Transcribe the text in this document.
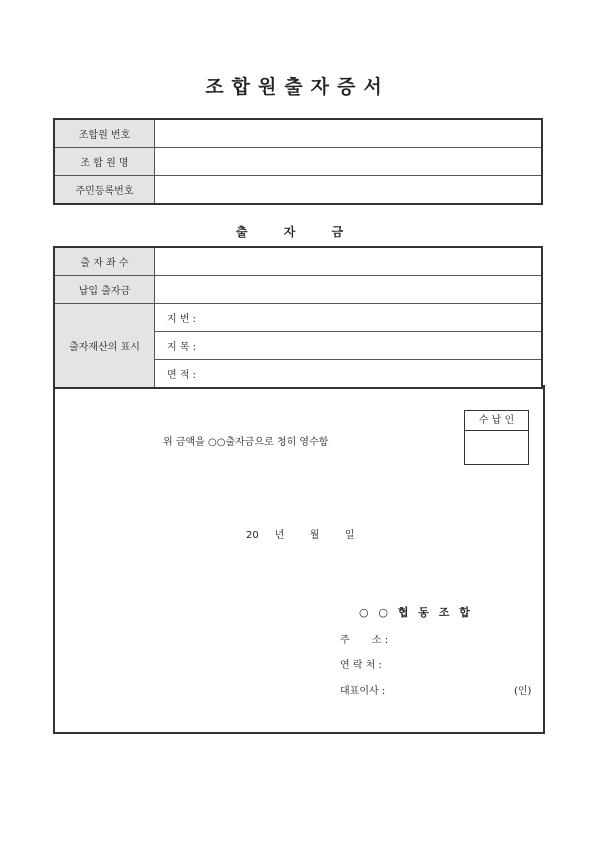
조합원출자증서
조합원 번호	
조 합 원 명	
주민등록번호	
출 자 금
출 자 좌 수	
납입 출자금	
출자재산의 표시	지 번 :
	지 목 :
	면 적 :
위 금액을 ○○출자금으로 청히 영수함
수 납 인
20     년        월        일
○ ○ 협 동 조 합
주       소 :
연 락 처 :
대표이사 :	(인)
